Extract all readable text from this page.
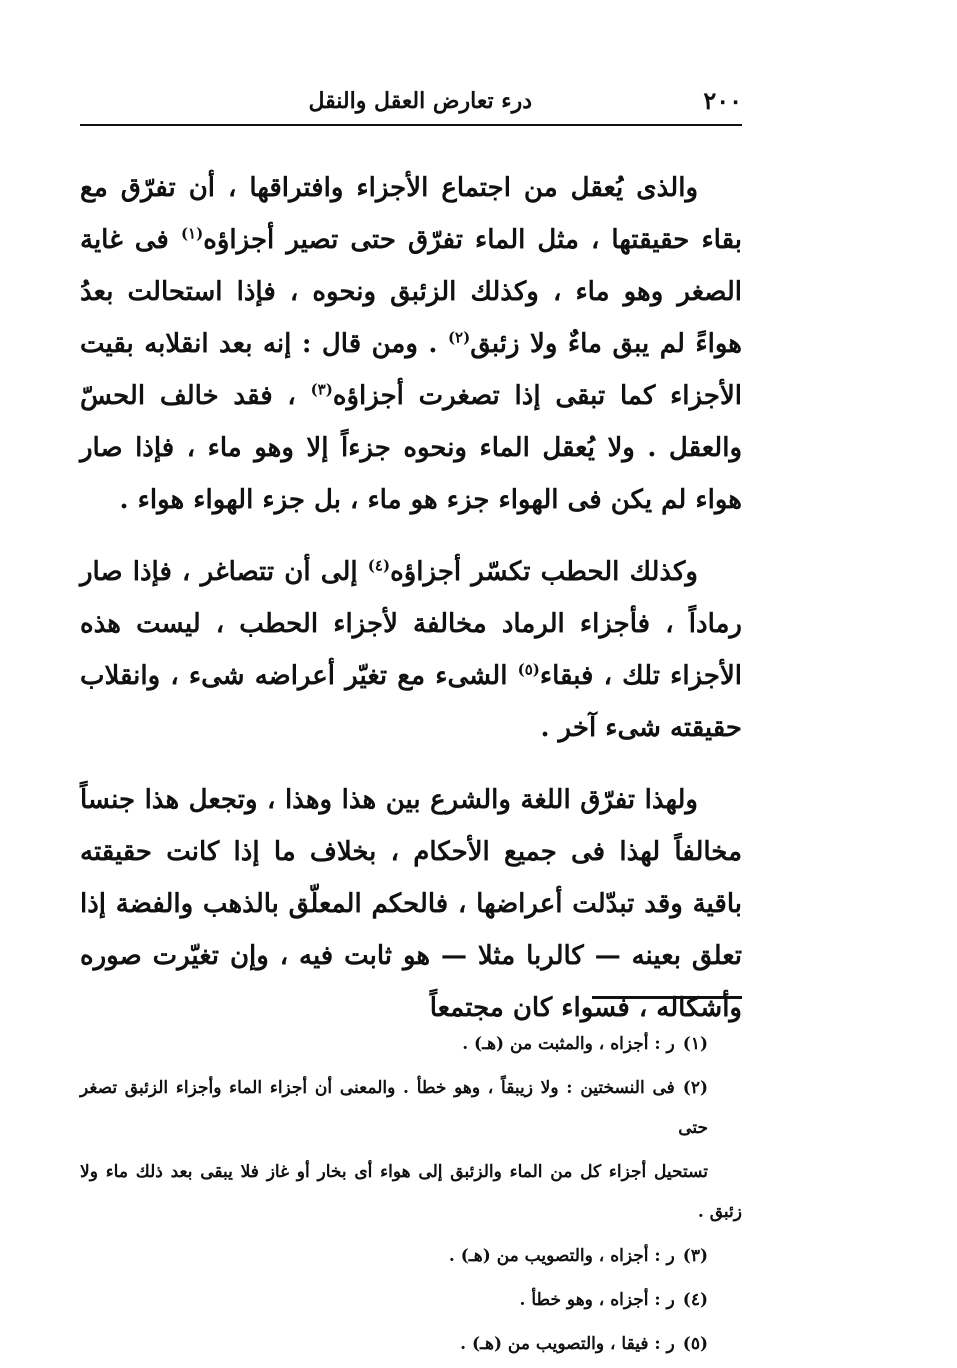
٢٠٠
درء تعارض العقل والنقل

والذى يُعقل من اجتماع الأجزاء وافتراقها ، أن تفرّق مع بقاء حقيقتها ، مثل الماء تفرّق حتى تصير أجزاؤه$^{(١)}$ فى غاية الصغر وهو ماء ، وكذلك الزئبق ونحوه ، فإذا استحالت بعدُ هواءً لم يبق ماءٌ ولا زئبق$^{(٢)}$ . ومن قال : إنه بعد انقلابه بقيت الأجزاء كما تبقى إذا تصغرت أجزاؤه$^{(٣)}$ ، فقد خالف الحسّ والعقل . ولا يُعقل الماء ونحوه جزءاً إلا وهو ماء ، فإذا صار هواء لم يكن فى الهواء جزء هو ماء ، بل جزء الهواء هواء .

وكذلك الحطب تكسّر أجزاؤه$^{(٤)}$ إلى أن تتصاغر ، فإذا صار رماداً ، فأجزاء الرماد مخالفة لأجزاء الحطب ، ليست هذه الأجزاء تلك ، فبقاء$^{(٥)}$ الشىء مع تغيّر أعراضه شىء ، وانقلاب حقيقته شىء آخر .

ولهذا تفرّق اللغة والشرع بين هذا وهذا ، وتجعل هذا جنساً مخالفاً لهذا فى جميع الأحكام ، بخلاف ما إذا كانت حقيقته باقية وقد تبدّلت أعراضها ، فالحكم المعلّق بالذهب والفضة إذا تعلق بعينه — كالربا مثلا — هو ثابت فيه ، وإن تغيّرت صوره وأشكاله ، فسواء كان مجتمعاً

(١)ر : أجزاه ، والمثبت من (هـ) .

(٢)فى النسختين : ولا زيبقاً ، وهو خطأ . والمعنى أن أجزاء الماء وأجزاء الزئبق تصغر حتى

تستحيل أجزاء كل من الماء والزئبق إلى هواء أى بخار أو غاز فلا يبقى بعد ذلك ماء ولا زئبق .

(٣)ر : أجزاه ، والتصويب من (هـ) .

(٤)ر : أجزاه ، وهو خطأ .

(٥)ر : فيقا ، والتصويب من (هـ) .
